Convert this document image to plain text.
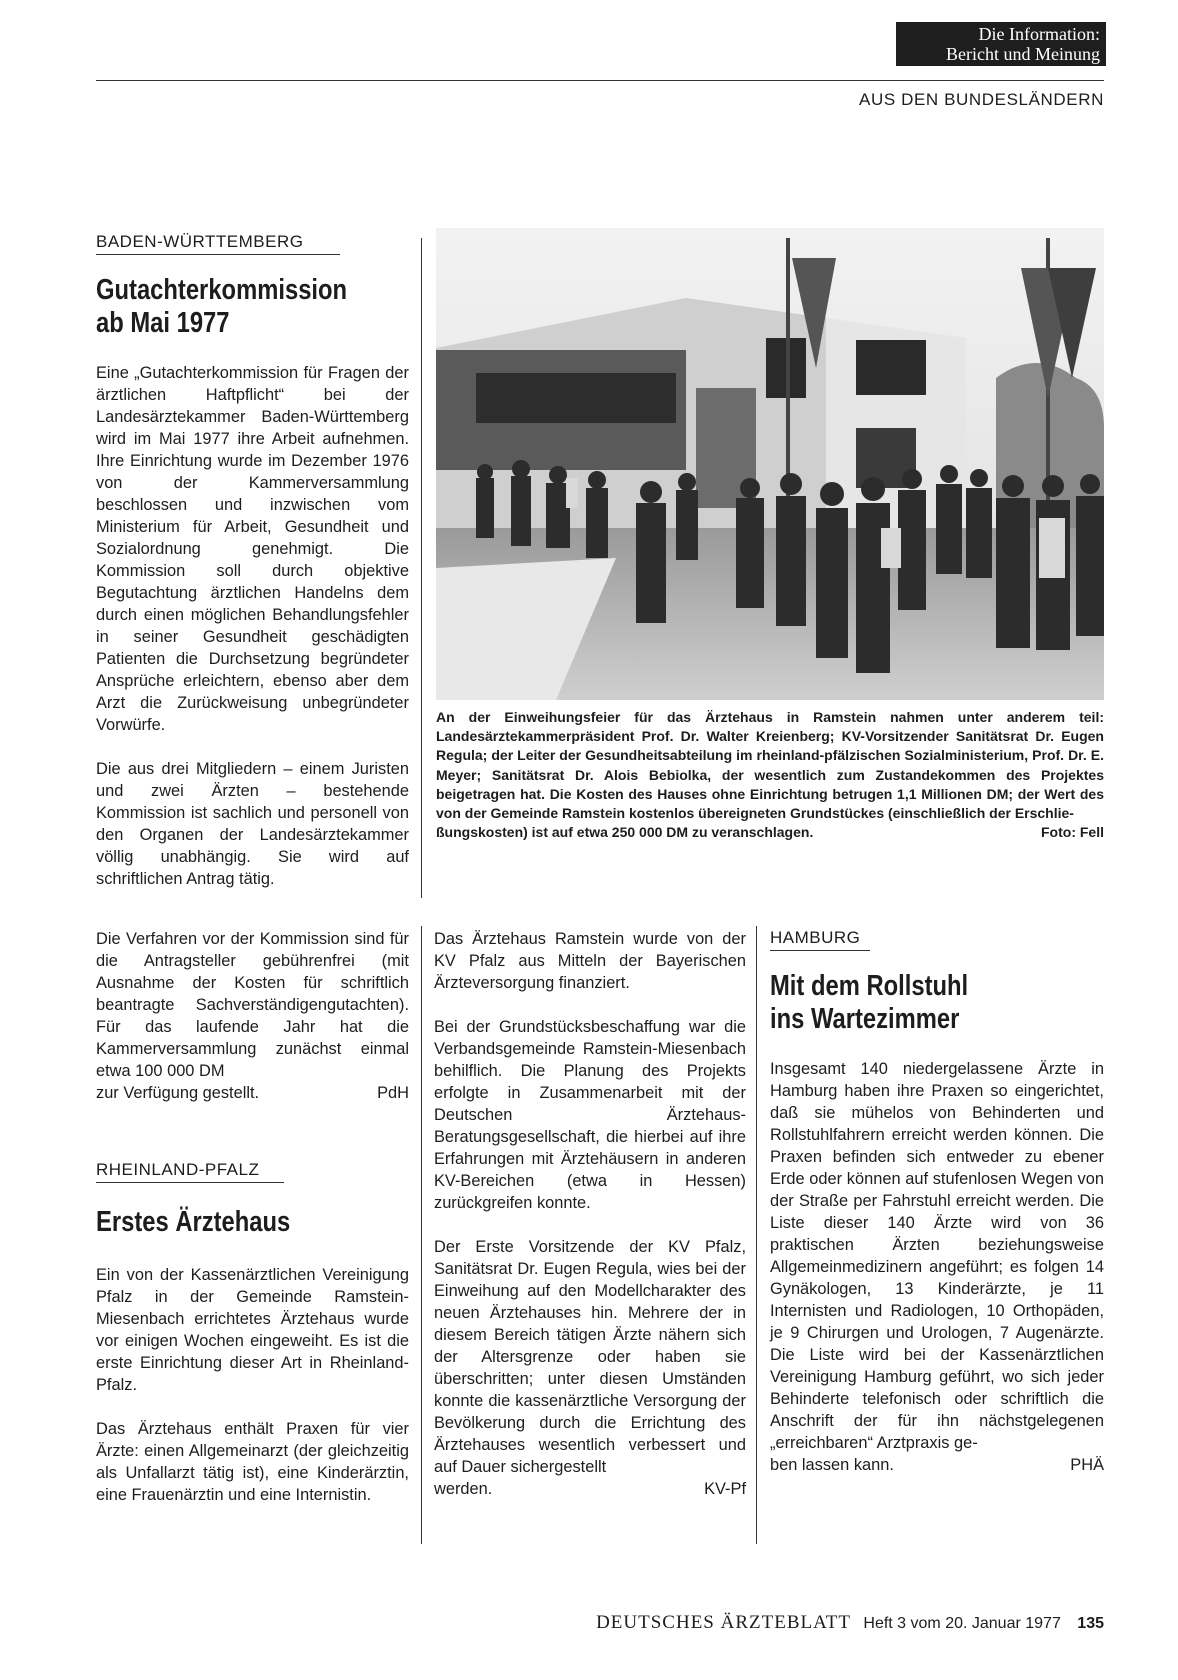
Die Information:
Bericht und Meinung
AUS DEN BUNDESLÄNDERN
BADEN-WÜRTTEMBERG
Gutachterkommission
ab Mai 1977

Eine „Gutachterkommission für Fragen der ärztlichen Haftpflicht“ bei der Landesärztekammer Baden-Württemberg wird im Mai 1977 ihre Arbeit aufnehmen. Ihre Einrichtung wurde im Dezember 1976 von der Kammerversammlung beschlossen und inzwischen vom Ministerium für Arbeit, Gesundheit und Sozialordnung genehmigt. Die Kommission soll durch objektive Begutachtung ärztlichen Handelns dem durch einen möglichen Behandlungsfehler in seiner Gesundheit geschädigten Patienten die Durchsetzung begründeter Ansprüche erleichtern, ebenso aber dem Arzt die Zurückweisung unbegründeter Vorwürfe.

Die aus drei Mitgliedern – einem Juristen und zwei Ärzten – bestehende Kommission ist sachlich und personell von den Organen der Landesärztekammer völlig unabhängig. Sie wird auf schriftlichen Antrag tätig.

Die Verfahren vor der Kommission sind für die Antragsteller gebührenfrei (mit Ausnahme der Kosten für schriftlich beantragte Sachverständigengutachten). Für das laufende Jahr hat die Kammerversammlung zunächst einmal etwa 100 000 DM

zur Verfügung gestellt.	PdH
RHEINLAND-PFALZ
Erstes Ärztehaus

Ein von der Kassenärztlichen Vereinigung Pfalz in der Gemeinde Ramstein-Miesenbach errichtetes Ärztehaus wurde vor einigen Wochen eingeweiht. Es ist die erste Einrichtung dieser Art in Rheinland-Pfalz.

Das Ärztehaus enthält Praxen für vier Ärzte: einen Allgemeinarzt (der gleichzeitig als Unfallarzt tätig ist), eine Kinderärztin, eine Frauenärztin und eine Internistin.

An der Einweihungsfeier für das Ärztehaus in Ramstein nahmen unter anderem teil: Landesärztekammerpräsident Prof. Dr. Walter Kreienberg; KV-Vorsitzender Sanitätsrat Dr. Eugen Regula; der Leiter der Gesundheitsabteilung im rheinland-pfälzischen Sozialministerium, Prof. Dr. E. Meyer; Sanitätsrat Dr. Alois Bebiolka, der wesentlich zum Zustandekommen des Projektes beigetragen hat. Die Kosten des Hauses ohne Einrichtung betrugen 1,1 Millionen DM; der Wert des von der Gemeinde Ramstein kostenlos übereigneten Grundstückes (einschließlich der Erschlie-
ßungskosten) ist auf etwa 250 000 DM zu veranschlagen.	Foto: Fell

Das Ärztehaus Ramstein wurde von der KV Pfalz aus Mitteln der Bayerischen Ärzteversorgung finanziert.

Bei der Grundstücksbeschaffung war die Verbandsgemeinde Ramstein-Miesenbach behilflich. Die Planung des Projekts erfolgte in Zusammenarbeit mit der Deutschen Ärztehaus-Beratungsgesellschaft, die hierbei auf ihre Erfahrungen mit Ärztehäusern in anderen KV-Bereichen (etwa in Hessen) zurückgreifen konnte.

Der Erste Vorsitzende der KV Pfalz, Sanitätsrat Dr. Eugen Regula, wies bei der Einweihung auf den Modellcharakter des neuen Ärztehauses hin. Mehrere der in diesem Bereich tätigen Ärzte nähern sich der Altersgrenze oder haben sie überschritten; unter diesen Umständen konnte die kassenärztliche Versorgung der Bevölkerung durch die Errichtung des Ärztehauses wesentlich verbessert und auf Dauer sichergestellt

werden.	KV-Pf
HAMBURG
Mit dem Rollstuhl
ins Wartezimmer

Insgesamt 140 niedergelassene Ärzte in Hamburg haben ihre Praxen so eingerichtet, daß sie mühelos von Behinderten und Rollstuhlfahrern erreicht werden können. Die Praxen befinden sich entweder zu ebener Erde oder können auf stufenlosen Wegen von der Straße per Fahrstuhl erreicht werden. Die Liste dieser 140 Ärzte wird von 36 praktischen Ärzten beziehungsweise Allgemeinmedizinern angeführt; es folgen 14 Gynäkologen, 13 Kinderärzte, je 11 Internisten und Radiologen, 10 Orthopäden, je 9 Chirurgen und Urologen, 7 Augenärzte. Die Liste wird bei der Kassenärztlichen Vereinigung Hamburg geführt, wo sich jeder Behinderte telefonisch oder schriftlich die Anschrift der für ihn nächstgelegenen „erreichbaren“ Arztpraxis ge-

ben lassen kann.	PHÄ
DEUTSCHES ÄRZTEBLATT Heft 3 vom 20. Januar 1977 135
